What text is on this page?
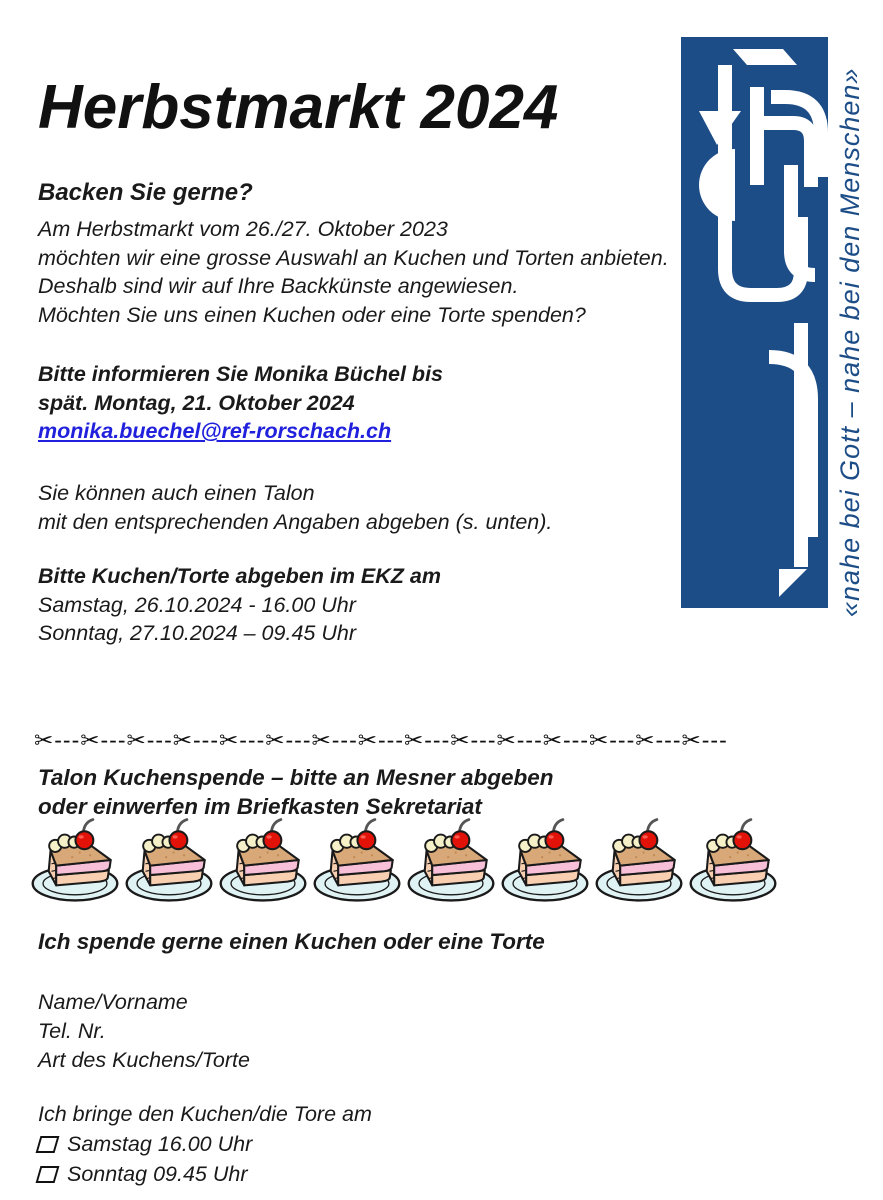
Herbstmarkt 2024	«nahe bei Gott – nahe bei den Menschen»
Backen Sie gerne?
Am Herbstmarkt vom 26./27. Oktober 2023
möchten wir eine grosse Auswahl an Kuchen und Torten anbieten.
Deshalb sind wir auf Ihre Backkünste angewiesen.
Möchten Sie uns einen Kuchen oder eine Torte spenden?
Bitte informieren Sie Monika Büchel bis
spät. Montag, 21. Oktober 2024
monika.buechel@ref-rorschach.ch
Sie können auch einen Talon
mit den entsprechenden Angaben abgeben (s. unten).
Bitte Kuchen/Torte abgeben im EKZ am
Samstag, 26.10.2024 - 16.00 Uhr
Sonntag, 27.10.2024 – 09.45 Uhr
✂---✂---✂---✂---✂---✂---✂---✂---✂---✂---✂---✂---✂---✂---✂---
Talon Kuchenspende – bitte an Mesner abgeben
oder einwerfen im Briefkasten Sekretariat
Ich spende gerne einen Kuchen oder eine Torte
Name/Vorname
Tel. Nr.
Art des Kuchens/Torte
Ich bringe den Kuchen/die Tore am
Samstag 16.00 Uhr
Sonntag 09.45 Uhr
